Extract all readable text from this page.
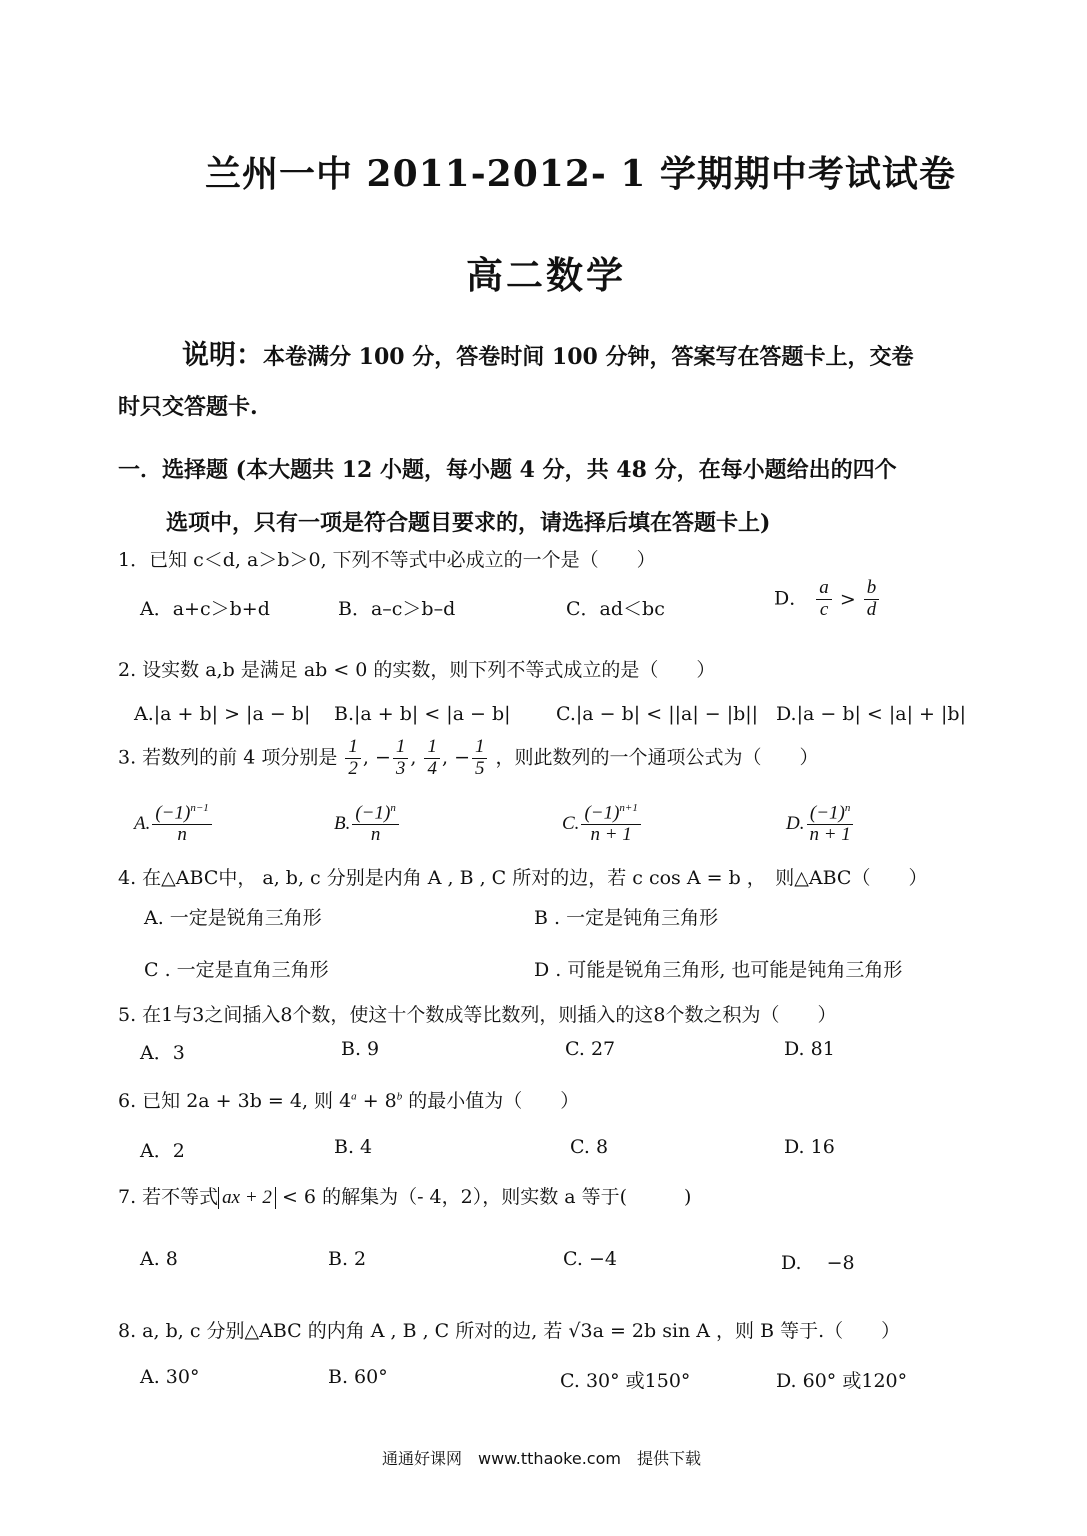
兰州一中 2011-2012- 1 学期期中考试试卷
高二数学
说明：本卷满分 100 分，答卷时间 100 分钟，答案写在答题卡上，交卷
时只交答题卡.
一．选择题 (本大题共 12 小题，每小题 4 分，共 48 分，在每小题给出的四个
选项中，只有一项是符合题目要求的，请选择后填在答题卡上)
1．已知 c＜d, a＞b＞0, 下列不等式中必成立的一个是（　　）
A．a+c＞b+d	B．a–c＞b–d	C．ad＜bc	D． $\frac{a}{c} > \frac{b}{d}$
2. 设实数 a,b 是满足 ab < 0 的实数，则下列不等式成立的是（　　）
A.|a + b| > |a − b| B.|a + b| < |a − b| C.|a − b| < ||a| − |b|| D.|a − b| < |a| + |b|
3. 若数列的前 4 项分别是 $\frac{1}{2}$ , − $\frac{1}{3}$ , $\frac{1}{4}$ , − $\frac{1}{5}$ ，则此数列的一个通项公式为（　　）
A. $\frac{(-1)^{n-1}}{n}$	B. $\frac{(-1)^n}{n}$	C. $\frac{(-1)^{n+1}}{n + 1}$	D. $\frac{(-1)^n}{n + 1}$
4. 在△ABC中， a, b, c 分别是内角 A , B , C 所对的边，若 c cos A = b ，　则△ABC（　　）
A. 一定是锐角三角形	B . 一定是钝角三角形
C . 一定是直角三角形	D . 可能是锐角三角形, 也可能是钝角三角形
5. 在1与3之间插入8个数，使这十个数成等比数列，则插入的这8个数之积为（　　）
A．3	B. 9	C. 27	D. 81
6. 已知 2a + 3b = 4, 则 $4^a + 8^b$ 的最小值为（　　）
A．2	B. 4	C. 8	D. 16
7. 若不等式 ax + 2 < 6 的解集为（- 4，2），则实数 a 等于(　　　)
A. 8	B. 2	C. −4	D.　 −8
8. a, b, c 分别△ABC 的内角 A , B , C 所对的边, 若 √3a = 2b sin A ，则 B 等于.（　　）
A. 30°	B. 60°	C. 30° 或150°	D. 60° 或120°
通通好课网　www.tthaoke.com　提供下载
